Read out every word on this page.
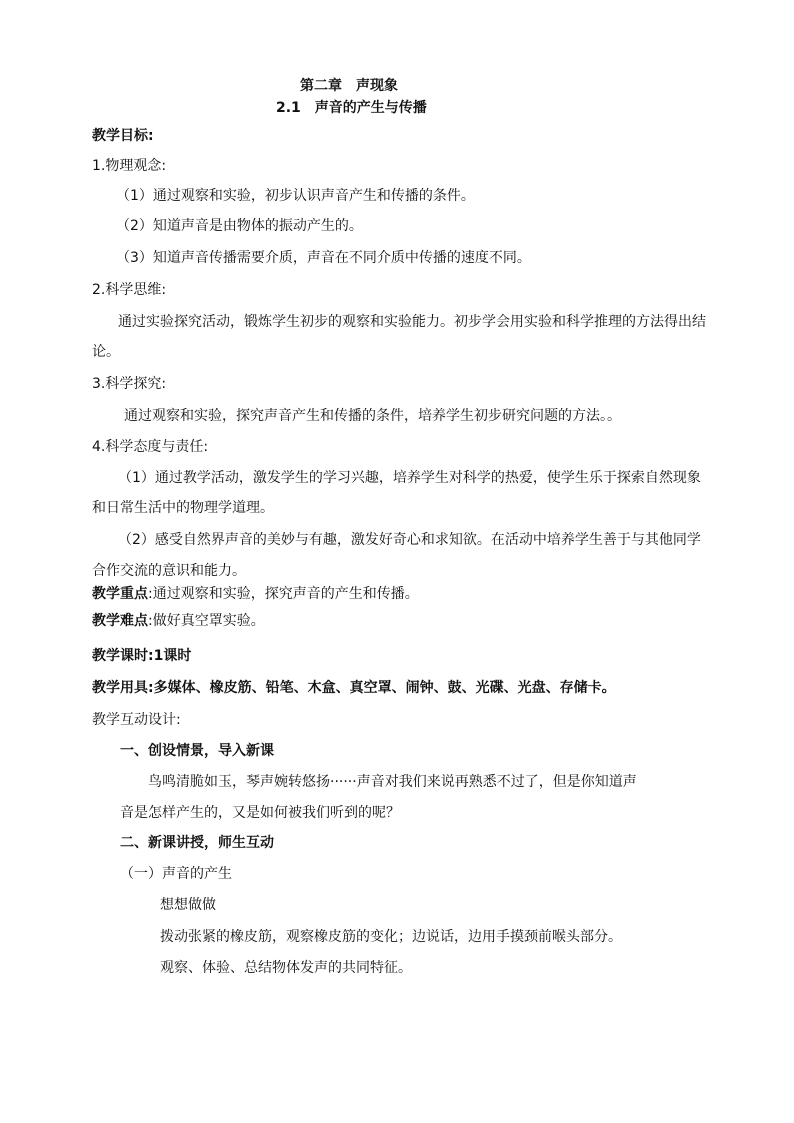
第二章　声现象
2.1　声音的产生与传播
教学目标:
1.物理观念:
（1）通过观察和实验，初步认识声音产生和传播的条件。
（2）知道声音是由物体的振动产生的。
（3）知道声音传播需要介质，声音在不同介质中传播的速度不同。
2.科学思维:
通过实验探究活动，锻炼学生初步的观察和实验能力。初步学会用实验和科学推理的方法得出结
论。
3.科学探究:
通过观察和实验，探究声音产生和传播的条件，培养学生初步研究问题的方法。。
4.科学态度与责任:
（1）通过教学活动，激发学生的学习兴趣，培养学生对科学的热爱，使学生乐于探索自然现象
和日常生活中的物理学道理。
（2）感受自然界声音的美妙与有趣，激发好奇心和求知欲。在活动中培养学生善于与其他同学
合作交流的意识和能力。
教学重点:通过观察和实验，探究声音的产生和传播。
教学难点:做好真空罩实验。
教学课时:1课时
教学用具:多媒体、橡皮筋、铅笔、木盒、真空罩、闹钟、鼓、光碟、光盘、存储卡。
教学互动设计:
一、创设情景，导入新课
鸟鸣清脆如玉，琴声婉转悠扬······声音对我们来说再熟悉不过了，但是你知道声
音是怎样产生的，又是如何被我们听到的呢？
二、新课讲授，师生互动
（一）声音的产生
想想做做
拨动张紧的橡皮筋，观察橡皮筋的变化；边说话，边用手摸颈前喉头部分。
观察、体验、总结物体发声的共同特征。
